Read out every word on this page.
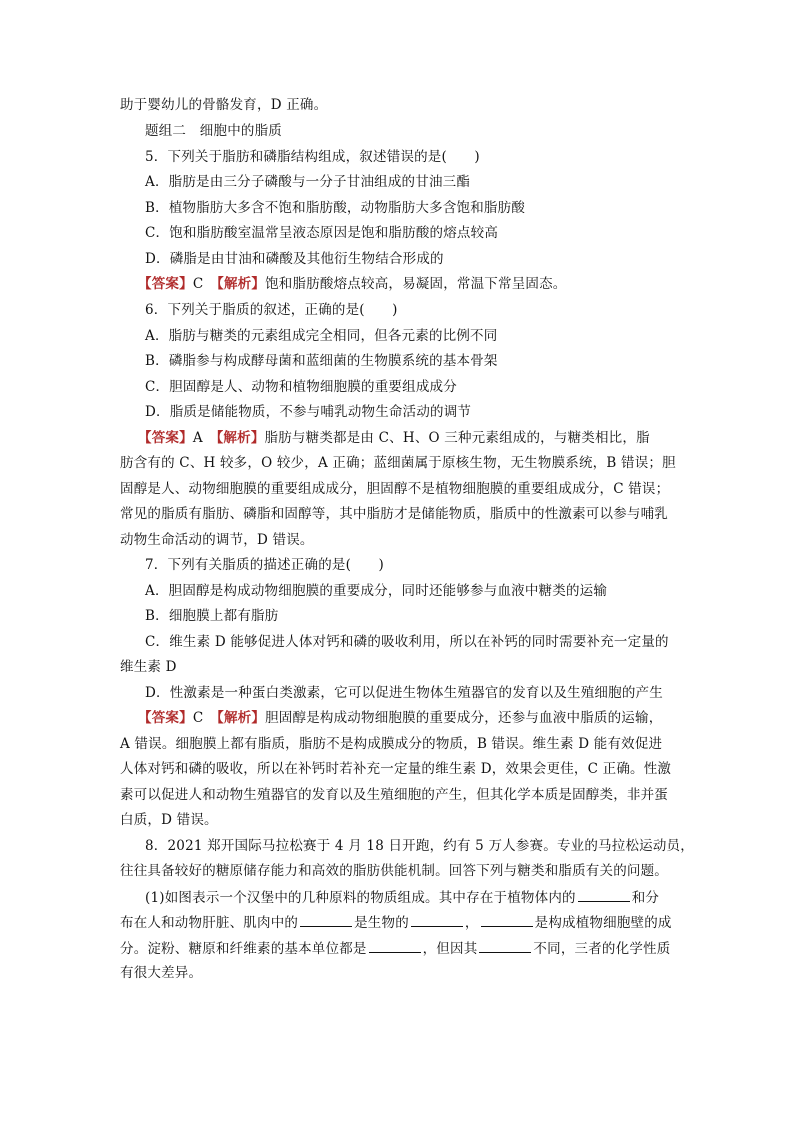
助于婴幼儿的骨骼发育，D 正确。
题组二　细胞中的脂质
5．下列关于脂肪和磷脂结构组成，叙述错误的是(　　)
A．脂肪是由三分子磷酸与一分子甘油组成的甘油三酯
B．植物脂肪大多含不饱和脂肪酸，动物脂肪大多含饱和脂肪酸
C．饱和脂肪酸室温常呈液态原因是饱和脂肪酸的熔点较高
D．磷脂是由甘油和磷酸及其他衍生物结合形成的
【答案】C　【解析】饱和脂肪酸熔点较高，易凝固，常温下常呈固态。
6．下列关于脂质的叙述，正确的是(　　)
A．脂肪与糖类的元素组成完全相同，但各元素的比例不同
B．磷脂参与构成酵母菌和蓝细菌的生物膜系统的基本骨架
C．胆固醇是人、动物和植物细胞膜的重要组成成分
D．脂质是储能物质，不参与哺乳动物生命活动的调节
【答案】A　【解析】脂肪与糖类都是由 C、H、O 三种元素组成的，与糖类相比，脂
肪含有的 C、H 较多，O 较少，A 正确；蓝细菌属于原核生物，无生物膜系统，B 错误；胆
固醇是人、动物细胞膜的重要组成成分，胆固醇不是植物细胞膜的重要组成成分，C 错误；
常见的脂质有脂肪、磷脂和固醇等，其中脂肪才是储能物质，脂质中的性激素可以参与哺乳
动物生命活动的调节，D 错误。
7．下列有关脂质的描述正确的是(　　)
A．胆固醇是构成动物细胞膜的重要成分，同时还能够参与血液中糖类的运输
B．细胞膜上都有脂肪
C．维生素 D 能够促进人体对钙和磷的吸收利用，所以在补钙的同时需要补充一定量的
维生素 D
D．性激素是一种蛋白类激素，它可以促进生物体生殖器官的发育以及生殖细胞的产生
【答案】C　【解析】胆固醇是构成动物细胞膜的重要成分，还参与血液中脂质的运输，
A 错误。细胞膜上都有脂质，脂肪不是构成膜成分的物质，B 错误。维生素 D 能有效促进
人体对钙和磷的吸收，所以在补钙时若补充一定量的维生素 D，效果会更佳，C 正确。性激
素可以促进人和动物生殖器官的发育以及生殖细胞的产生，但其化学本质是固醇类，非并蛋
白质，D 错误。
8．2021 郑开国际马拉松赛于 4 月 18 日开跑，约有 5 万人参赛。专业的马拉松运动员，
往往具备较好的糖原储存能力和高效的脂肪供能机制。回答下列与糖类和脂质有关的问题。
(1)如图表示一个汉堡中的几种原料的物质组成。其中存在于植物体内的	和分
布在人和动物肝脏、肌肉中的	是生物的	，	是构成植物细胞壁的成
分。淀粉、糖原和纤维素的基本单位都是	，但因其	不同，三者的化学性质
有很大差异。
